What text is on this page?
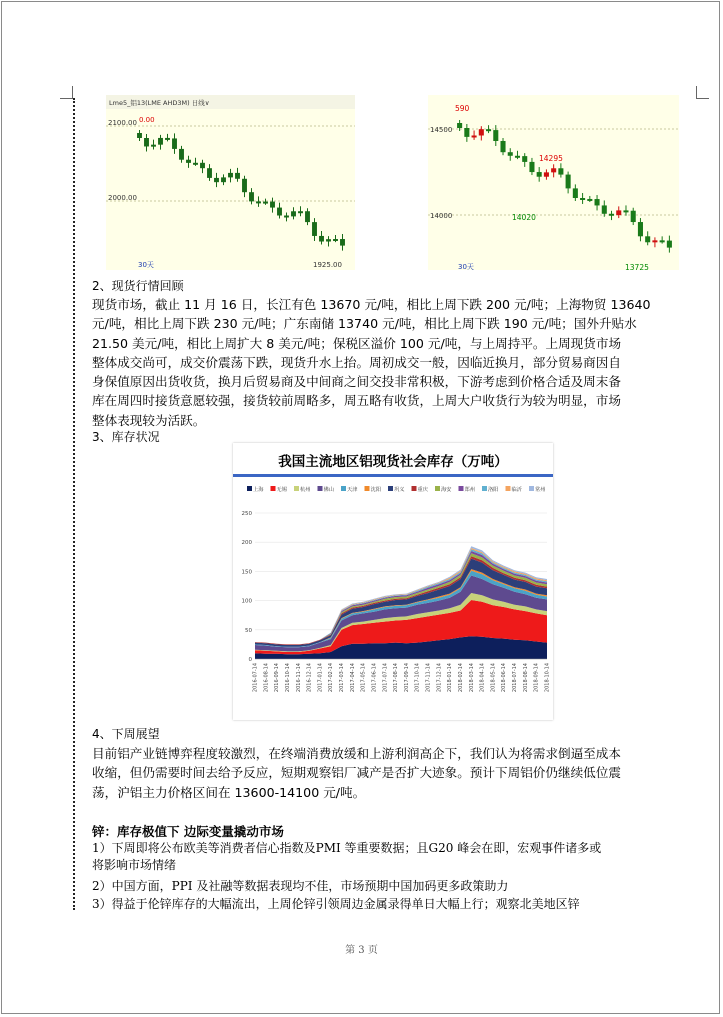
Lme5_铝13(LME AHD3M) 日线∨
2100.00
2000.00
0.00
1925.00
30天
14500
14000
590
14295
14020
13725
30天
2、现货行情回顾
现货市场，截止 11 月 16 日，长江有色 13670 元/吨，相比上周下跌 200 元/吨；上海物贸 13640
元/吨，相比上周下跌 230 元/吨；广东南储 13740 元/吨，相比上周下跌 190 元/吨；国外升贴水
21.50 美元/吨，相比上周扩大 8 美元/吨；保税区溢价 100 元/吨，与上周持平。上周现货市场
整体成交尚可，成交价震荡下跌，现货升水上抬。周初成交一般，因临近换月，部分贸易商因自
身保值原因出货收货，换月后贸易商及中间商之间交投非常积极，下游考虑到价格合适及周末备
库在周四时接货意愿较强，接货较前周略多，周五略有收货，上周大户收货行为较为明显，市场
整体表现较为活跃。
3、库存状况
我国主流地区铝现货社会库存（万吨）
上海	无锡	杭州	佛山	天津	沈阳	巩义	重庆	海安	郑州	洛阳	临沂	常州
250
200
150
100
50
0
2016-07-14 2016-08-14 2016-09-14 2016-10-14 2016-11-14 2016-12-14 2017-01-14 2017-02-14 2017-03-14 2017-04-14 2017-05-14 2017-06-14 2017-07-14 2017-08-14 2017-09-14 2017-10-14 2017-11-14 2017-12-14 2018-01-14 2018-02-14 2018-03-14 2018-04-14 2018-05-14 2018-06-14 2018-07-14 2018-08-14 2018-09-14 2018-10-14
4、下周展望
目前铝产业链博弈程度较激烈，在终端消费放缓和上游利润高企下，我们认为将需求倒逼至成本
收缩，但仍需要时间去给予反应，短期观察铝厂减产是否扩大迹象。预计下周铝价仍继续低位震
荡，沪铝主力价格区间在 13600-14100 元/吨。
锌：库存极值下 边际变量撬动市场
1）下周即将公布欧美等消费者信心指数及PMI 等重要数据；且G20 峰会在即，宏观事件诸多或
将影响市场情绪
2）中国方面，PPI 及社融等数据表现均不佳，市场预期中国加码更多政策助力
3）得益于伦锌库存的大幅流出，上周伦锌引领周边金属录得单日大幅上行；观察北美地区锌
第 3 页
